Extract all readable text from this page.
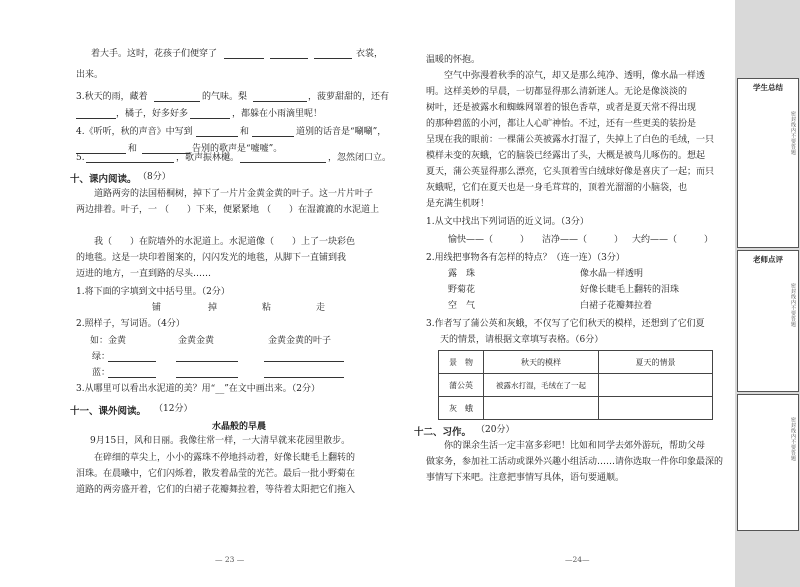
着大手。这时，花孩子们便穿了	衣裳，
出来。
3.秋天的雨，藏着	的气味。梨	，菠萝甜甜的，还有
，橘子，好多好多	，都躲在小雨滴里呢！
4.《听听，秋的声音》中写到	和	道别的话音是“唰唰”，
和	告别的歌声是“嘘嘘”。
5.	，歌声振林樾。	，忽然闭口立。
十、课内阅读。 （8分）
道路两旁的法国梧桐树，掉下了一片片金黄金黄的叶子。这一片片叶子
两边排着。叶子，一 （　　）下来，便紧紧地 （　　）在湿漉漉的水泥道上
我（　　）在院墙外的水泥道上。水泥道像（　　）上了一块彩色
的地毯。这是一块印着图案的，闪闪发光的地毯，从脚下一直铺到我
迈进的地方，一直到路的尽头……
1.将下面的字填到文中括号里。（2分）
铺	掉	粘	走
2.照样子，写词语。（4分）
如：金黄	金黄金黄	金黄金黄的叶子
绿：
蓝：
3.从哪里可以看出水泥道的美？用“__”在文中画出来。（2分）
十一、课外阅读。 （12分）
水晶般的早晨
9月15日，风和日丽。我像往常一样，一大清早就来花园里散步。
在碎细的草尖上，小小的露珠不停地抖动着，好像长睫毛上翻转的
泪珠。在晨曦中，它们闪烁着，散发着晶莹的光芒。最后一批小野菊在
道路的两旁盛开着，它们的白裙子花瓣舞拉着，等待着太阳把它们拖入
— 23 —
温暖的怀抱。
空气中弥漫着秋季的凉气，却又是那么纯净、透明，像水晶一样透
明。这样美妙的早晨，一切都显得那么清新迷人。无论是像淡淡的
树叶，还是被露水和蜘蛛网罩着的银色香草，或者是夏天常不得出现
的那种碧蓝的小河，都让人心旷神怡。不过，还有一些更美的装扮是
呈现在我的眼前：一棵蒲公英被露水打湿了，失掉上了白色的毛绒，一只
模样未变的灰蛾，它的脑袋已经露出了头，大概是被鸟儿啄伤的。想起
夏天，蒲公英显得那么漂亮，它头顶着雪白绒球好像是喜庆了一起；而只
灰蛾呢，它们在夏天也是一身毛茸茸的，顶着光溜溜的小脑袋，也
是充满生机呀！
1.从文中找出下列词语的近义词。（3分）
愉快——（　　　） 洁净——（　　　） 大约——（　　　）
2.用线把事物各有怎样的特点？（连一连）（3分）
露　珠
野菊花
空　气
像水晶一样透明
好像长睫毛上翻转的泪珠
白裙子花瓣舞拉着
3.作者写了蒲公英和灰蛾，不仅写了它们秋天的模样，还想到了它们夏
天的情景，请根据文章填写表格。（6分）
景　物	秋天的模样	夏天的情景
蒲公英	被露水打湿，毛绒在了一起	
灰　蛾		
十二、习作。 （20分）
你的课余生活一定丰富多彩吧！比如和同学去郊外游玩，帮助父母
做家务，参加社工活动或课外兴趣小组活动……请你选取一件你印象最深的
事情写下来吧。注意把事情写具体，语句要通顺。
—24—
学生总结
密封线内不要答题
老师点评
密封线内不要答题
密封线内不要答题
